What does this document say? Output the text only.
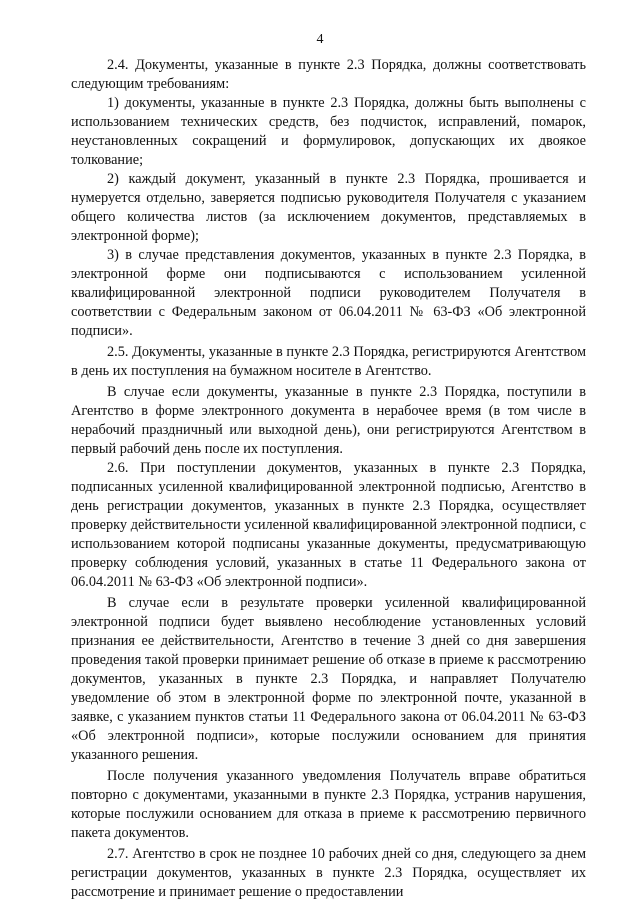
4

2.4. Документы, указанные в пункте 2.3 Порядка, должны соответствовать следующим требованиям:

1) документы, указанные в пункте 2.3 Порядка, должны быть выполнены с использованием технических средств, без подчисток, исправлений, помарок, неустановленных сокращений и формулировок, допускающих их двоякое толкование;

2) каждый документ, указанный в пункте 2.3 Порядка, прошивается и нумеруется отдельно, заверяется подписью руководителя Получателя с указанием общего количества листов (за исключением документов, представляемых в электронной форме);

3) в случае представления документов, указанных в пункте 2.3 Порядка, в электронной форме они подписываются с использованием усиленной квалифицированной электронной подписи руководителем Получателя в соответствии с Федеральным законом от 06.04.2011 № 63-ФЗ «Об электронной подписи».

2.5. Документы, указанные в пункте 2.3 Порядка, регистрируются Агентством в день их поступления на бумажном носителе в Агентство.

В случае если документы, указанные в пункте 2.3 Порядка, поступили в Агентство в форме электронного документа в нерабочее время (в том числе в нерабочий праздничный или выходной день), они регистрируются Агентством в первый рабочий день после их поступления.

2.6. При поступлении документов, указанных в пункте 2.3 Порядка, подписанных усиленной квалифицированной электронной подписью, Агентство в день регистрации документов, указанных в пункте 2.3 Порядка, осуществляет проверку действительности усиленной квалифицированной электронной подписи, с использованием которой подписаны указанные документы, предусматривающую проверку соблюдения условий, указанных в статье 11 Федерального закона от 06.04.2011 № 63-ФЗ «Об электронной подписи».

В случае если в результате проверки усиленной квалифицированной электронной подписи будет выявлено несоблюдение установленных условий признания ее действительности, Агентство в течение 3 дней со дня завершения проведения такой проверки принимает решение об отказе в приеме к рассмотрению документов, указанных в пункте 2.3 Порядка, и направляет Получателю уведомление об этом в электронной форме по электронной почте, указанной в заявке, с указанием пунктов статьи 11 Федерального закона от 06.04.2011 № 63-ФЗ «Об электронной подписи», которые послужили основанием для принятия указанного решения.

После получения указанного уведомления Получатель вправе обратиться повторно с документами, указанными в пункте 2.3 Порядка, устранив нарушения, которые послужили основанием для отказа в приеме к рассмотрению первичного пакета документов.

2.7. Агентство в срок не позднее 10 рабочих дней со дня, следующего за днем регистрации документов, указанных в пункте 2.3 Порядка, осуществляет их рассмотрение и принимает решение о предоставлении
